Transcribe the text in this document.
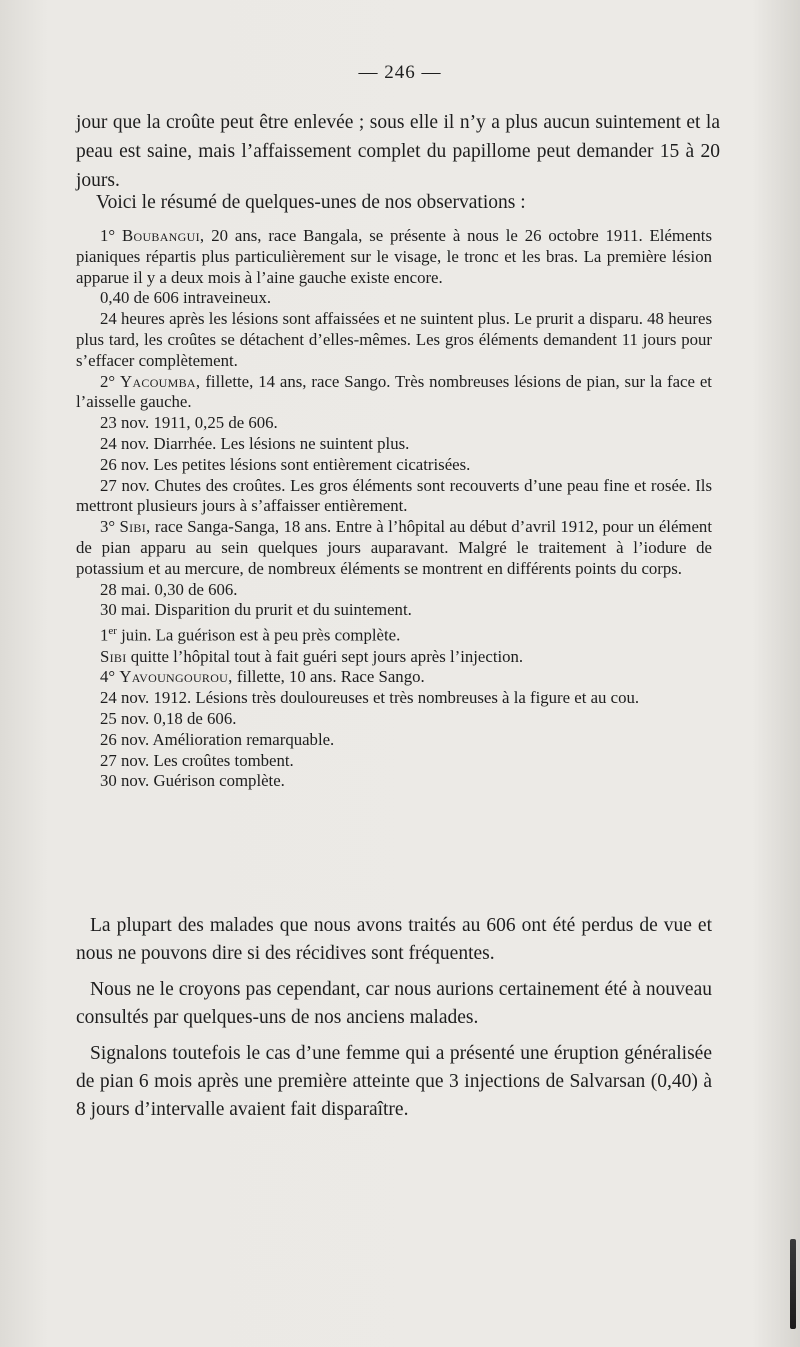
— 246 —
jour que la croûte peut être enlevée ; sous elle il n’y a plus aucun suintement et la peau est saine, mais l’affaissement complet du papillome peut demander 15 à 20 jours.
Voici le résumé de quelques-unes de nos observations :

1° Boubangui, 20 ans, race Bangala, se présente à nous le 26 octobre 1911. Eléments pianiques répartis plus particulièrement sur le visage, le tronc et les bras. La première lésion apparue il y a deux mois à l’aine gauche existe encore.

0,40 de 606 intraveineux.

24 heures après les lésions sont affaissées et ne suintent plus. Le prurit a disparu. 48 heures plus tard, les croûtes se détachent d’elles-mêmes. Les gros éléments demandent 11 jours pour s’effacer complètement.

2° Yacoumba, fillette, 14 ans, race Sango. Très nombreuses lésions de pian, sur la face et l’aisselle gauche.

23 nov. 1911, 0,25 de 606.

24 nov. Diarrhée. Les lésions ne suintent plus.

26 nov. Les petites lésions sont entièrement cicatrisées.

27 nov. Chutes des croûtes. Les gros éléments sont recouverts d’une peau fine et rosée. Ils mettront plusieurs jours à s’affaisser entièrement.

3° Sibi, race Sanga-Sanga, 18 ans. Entre à l’hôpital au début d’avril 1912, pour un élément de pian apparu au sein quelques jours auparavant. Malgré le traitement à l’iodure de potassium et au mercure, de nombreux éléments se montrent en différents points du corps.

28 mai. 0,30 de 606.

30 mai. Disparition du prurit et du suintement.

1er juin. La guérison est à peu près complète.

Sibi quitte l’hôpital tout à fait guéri sept jours après l’injection.

4° Yavoungourou, fillette, 10 ans. Race Sango.

24 nov. 1912. Lésions très douloureuses et très nombreuses à la figure et au cou.

25 nov. 0,18 de 606.

26 nov. Amélioration remarquable.

27 nov. Les croûtes tombent.

30 nov. Guérison complète.

La plupart des malades que nous avons traités au 606 ont été perdus de vue et nous ne pouvons dire si des récidives sont fréquentes.

Nous ne le croyons pas cependant, car nous aurions certainement été à nouveau consultés par quelques-uns de nos anciens malades.

Signalons toutefois le cas d’une femme qui a présenté une éruption généralisée de pian 6 mois après une première atteinte que 3 injections de Salvarsan (0,40) à 8 jours d’intervalle avaient fait disparaître.
